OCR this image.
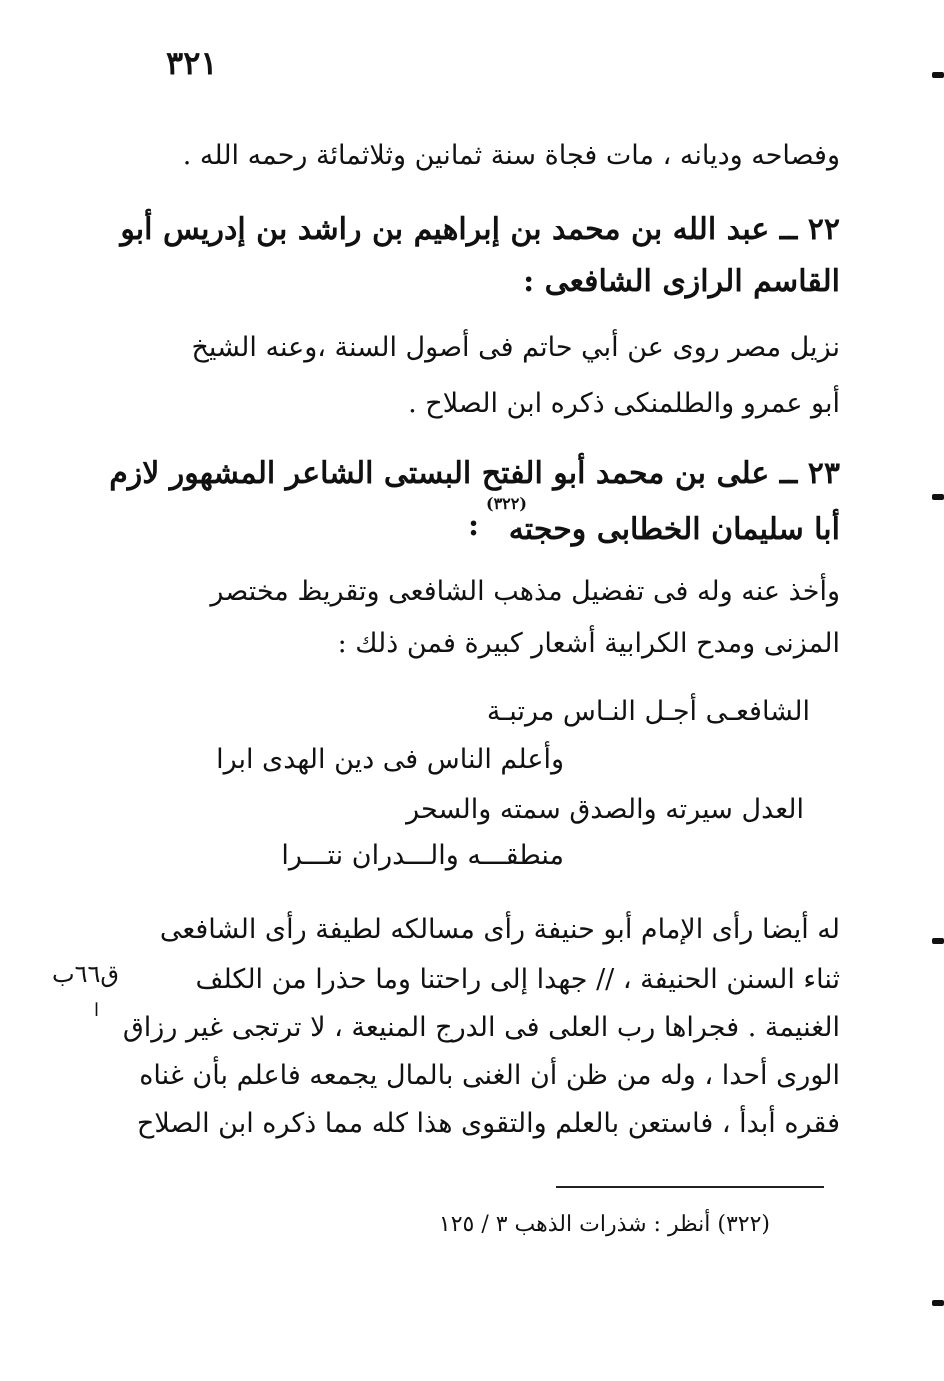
٣٢١
وفصاحه وديانه ، مات فجاة سنة ثمانين وثلاثمائة رحمه الله .
٢٢ ــ عبد الله بن محمد بن إبراهيم بن راشد بن إدريس أبو
القاسم الرازى الشافعى :
نزيل مصر روى عن أبي حاتم فى أصول السنة ،وعنه الشيخ
أبو عمرو والطلمنكى ذكره ابن الصلاح .
٢٣ ــ على بن محمد أبو الفتح البستى الشاعر المشهور لازم
أبا سليمان الخطابى وحجته
(٣٢٢)
:
وأخذ عنه وله فى تفضيل مذهب الشافعى وتقريظ مختصر
المزنى ومدح الكرابية أشعار كبيرة فمن ذلك :
الشافعـى أجـل النـاس مرتبـة
وأعلم الناس فى دين الهدى ابرا
العدل سيرته والصدق سمته والسحر
منطقـــه والـــدران نتـــرا
له أيضا رأى الإمام أبو حنيفة رأى مسالكه لطيفة رأى الشافعى
ثناء السنن الحنيفة ، // جهدا إلى راحتنا وما حذرا من الكلف
الغنيمة . فجراها رب العلى فى الدرج المنيعة ، لا ترتجى غير رزاق
الورى أحدا ، وله من ظن أن الغنى بالمال يجمعه فاعلم بأن غناه
فقره أبدأ ، فاستعن بالعلم والتقوى هذا كله مما ذكره ابن الصلاح
ق٦٦ب
ا
(٣٢٢) أنظر : شذرات الذهب ٣ / ١٢٥
